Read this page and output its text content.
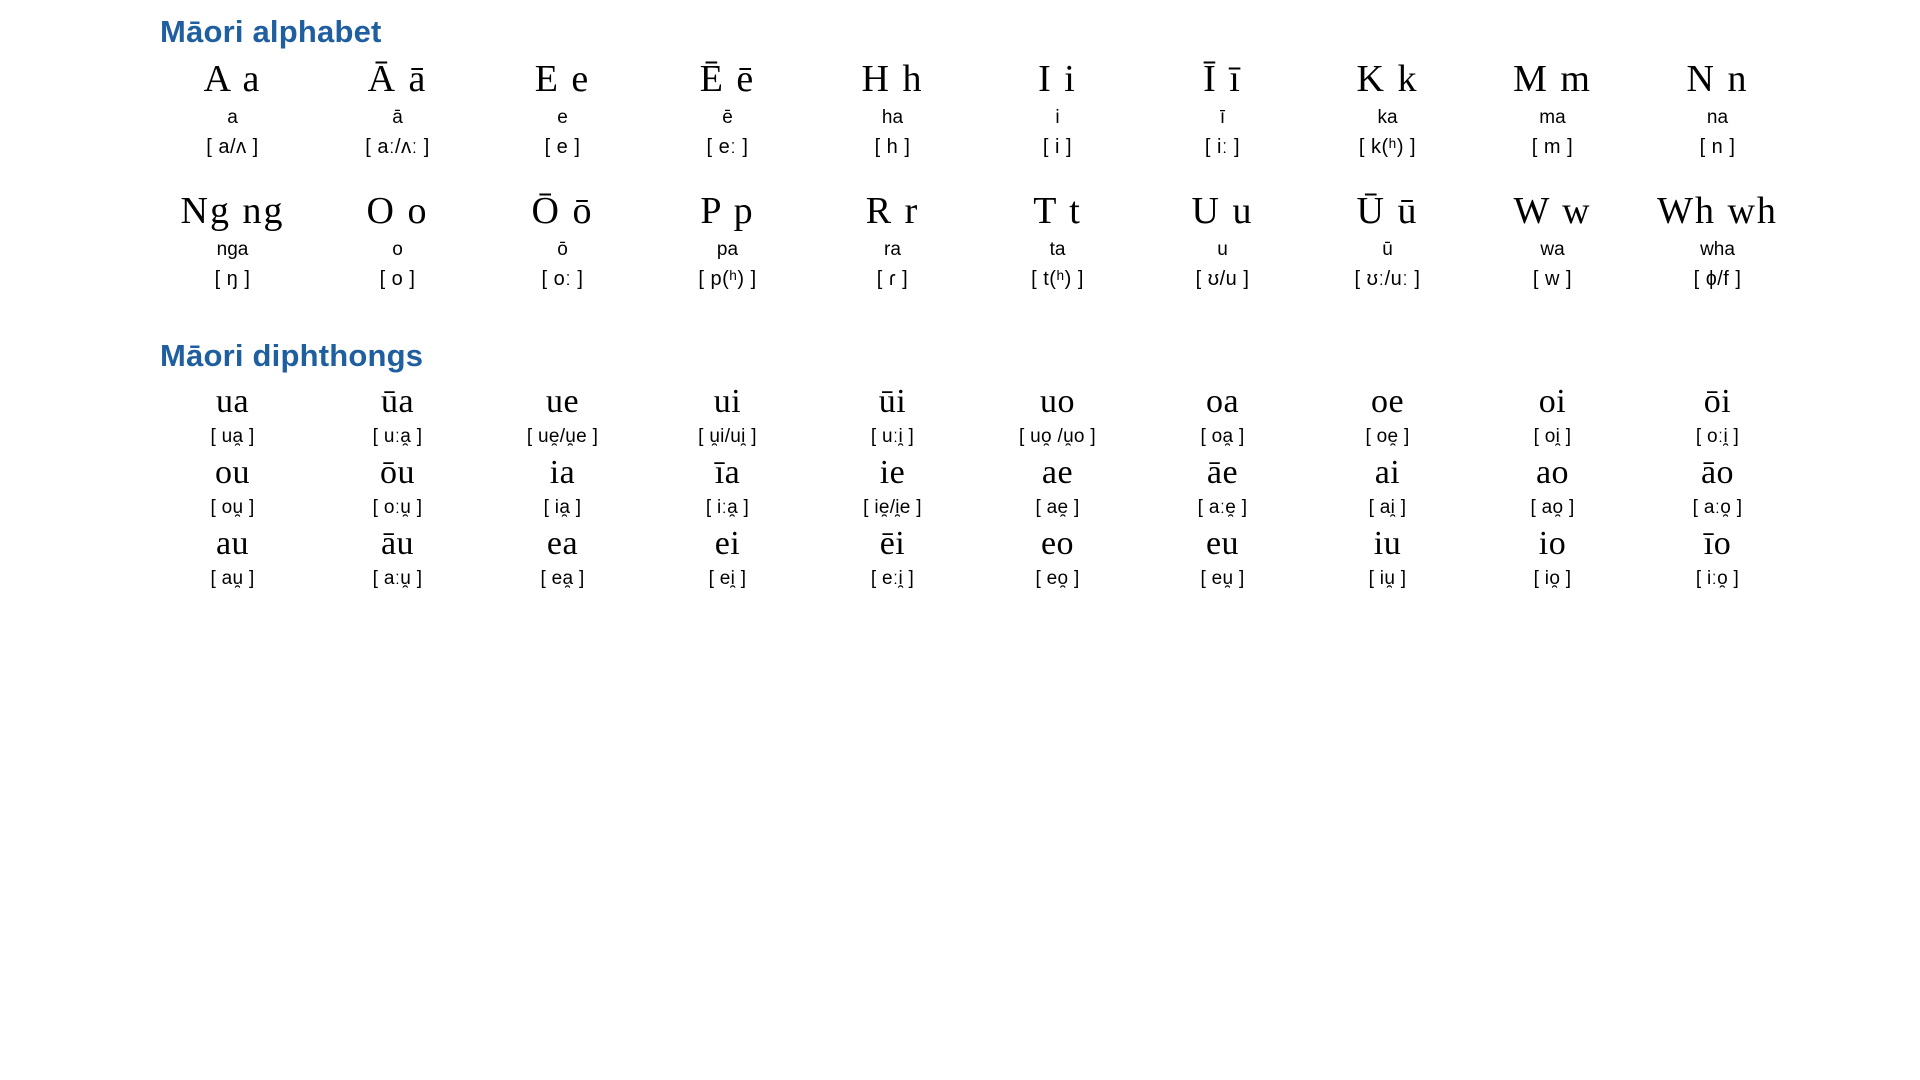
Māori alphabet
A a	Ā ā	E e	Ē ē	H h	I i	Ī ī	K k	M m	N n
a	ā	e	ē	ha	i	ī	ka	ma	na
[ a/ʌ ]	[ aː/ʌː ]	[ e ]	[ eː ]	[ h ]	[ i ]	[ iː ]	[ k(ʰ) ]	[ m ]	[ n ]
Ng ng	O o	Ō ō	P p	R r	T t	U u	Ū ū	W w	Wh wh
nga	o	ō	pa	ra	ta	u	ū	wa	wha
[ ŋ ]	[ o ]	[ oː ]	[ p(ʰ) ]	[ ɾ ]	[ t(ʰ) ]	[ ʊ/u ]	[ ʊː/uː ]	[ w ]	[ ɸ/f ]
Māori diphthongs
ua	ūa	ue	ui	ūi	uo	oa	oe	oi	ōi
[ ua̯ ]	[ uːa̯ ]	[ ue̯/u̯e ]	[ u̯i/ui̯ ]	[ uːi̯ ]	[ uo̯ /u̯o ]	[ oa̯ ]	[ oe̯ ]	[ oi̯ ]	[ oːi̯ ]
ou	ōu	ia	īa	ie	ae	āe	ai	ao	āo
[ ou̯ ]	[ oːu̯ ]	[ ia̯ ]	[ iːa̯ ]	[ ie̯/i̯e ]	[ ae̯ ]	[ aːe̯ ]	[ ai̯ ]	[ ao̯ ]	[ aːo̯ ]
au	āu	ea	ei	ēi	eo	eu	iu	io	īo
[ au̯ ]	[ aːu̯ ]	[ ea̯ ]	[ ei̯ ]	[ eːi̯ ]	[ eo̯ ]	[ eu̯ ]	[ iu̯ ]	[ io̯ ]	[ iːo̯ ]
